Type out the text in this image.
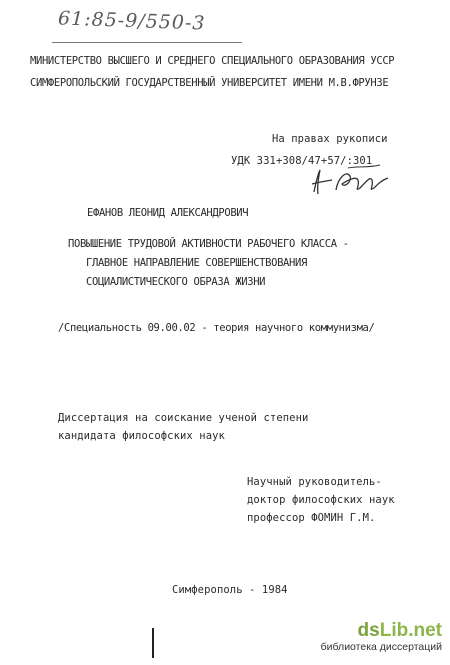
61:85-9/550-3
МИНИСТЕРСТВО ВЫСШЕГО И СРЕДНЕГО СПЕЦИАЛЬНОГО ОБРАЗОВАНИЯ УССР
СИМФЕРОПОЛЬСКИЙ ГОСУДАРСТВЕННЫЙ УНИВЕРСИТЕТ ИМЕНИ М.В.ФРУНЗЕ
На правах рукописи
УДК 331+308/47+57/:301
ЕФАНОВ ЛЕОНИД АЛЕКСАНДРОВИЧ
ПОВЫШЕНИЕ ТРУДОВОЙ АКТИВНОСТИ РАБОЧЕГО КЛАССА -
ГЛАВНОЕ НАПРАВЛЕНИЕ СОВЕРШЕНСТВОВАНИЯ
СОЦИАЛИСТИЧЕСКОГО ОБРАЗА ЖИЗНИ
/Специальность 09.00.02 - теория научного коммунизма/
Диссертация на соискание ученой степени
кандидата философских наук
Научный руководитель-
доктор философских наук
профессор ФОМИН Г.М.
Симферополь - 1984
dsLib.net
библиотека диссертаций
